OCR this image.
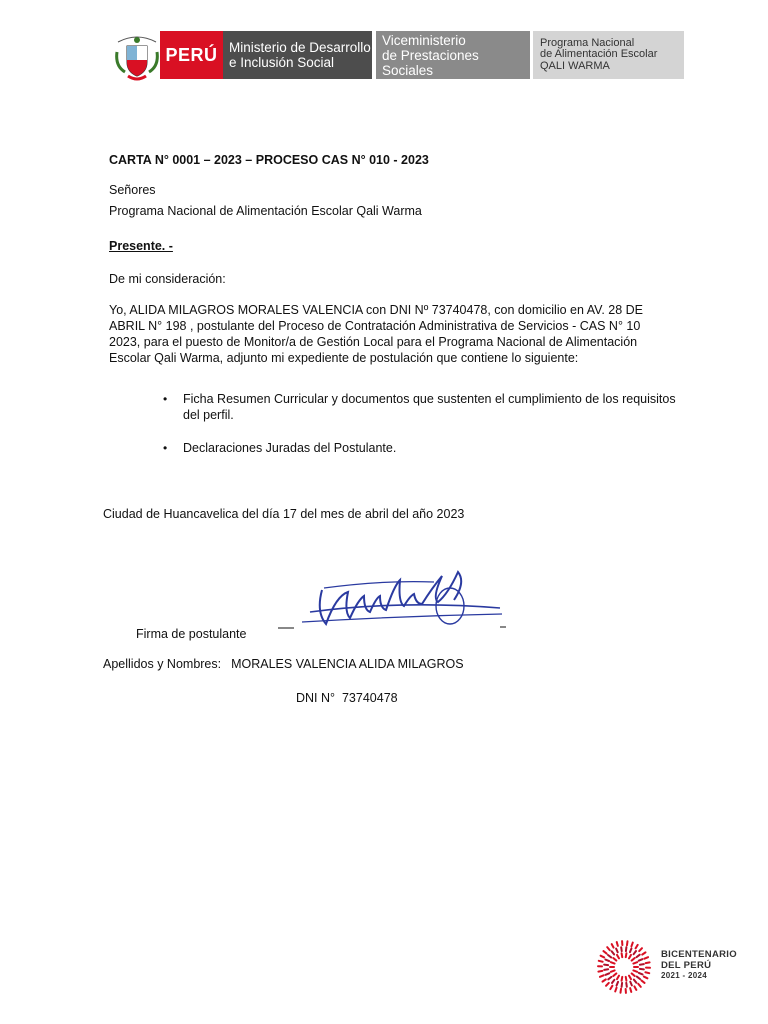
PERÚ Ministerio de Desarrollo
e Inclusión Social
Viceministerio
de Prestaciones Sociales
Programa Nacional
de Alimentación Escolar
QALI WARMA
CARTA N° 0001 – 2023 – PROCESO CAS N° 010 - 2023
Señores
Programa Nacional de Alimentación Escolar Qali Warma
Presente. -
De mi consideración:
Yo, ALIDA MILAGROS MORALES VALENCIA con DNI Nº 73740478, con domicilio en AV. 28 DE
ABRIL N° 198 , postulante del Proceso de Contratación Administrativa de Servicios - CAS N° 10
2023, para el puesto de Monitor/a de Gestión Local para el Programa Nacional de Alimentación
Escolar Qali Warma, adjunto mi expediente de postulación que contiene lo siguiente:
•	Ficha Resumen Curricular y documentos que sustenten el cumplimiento de los requisitos del perfil.
•	Declaraciones Juradas del Postulante.
Ciudad de Huancavelica del día 17 del mes de abril del año 2023
Firma de postulante
Apellidos y Nombres: MORALES VALENCIA ALIDA MILAGROS
DNI N° 73740478
BICENTENARIO
DEL PERÚ
2021 - 2024
